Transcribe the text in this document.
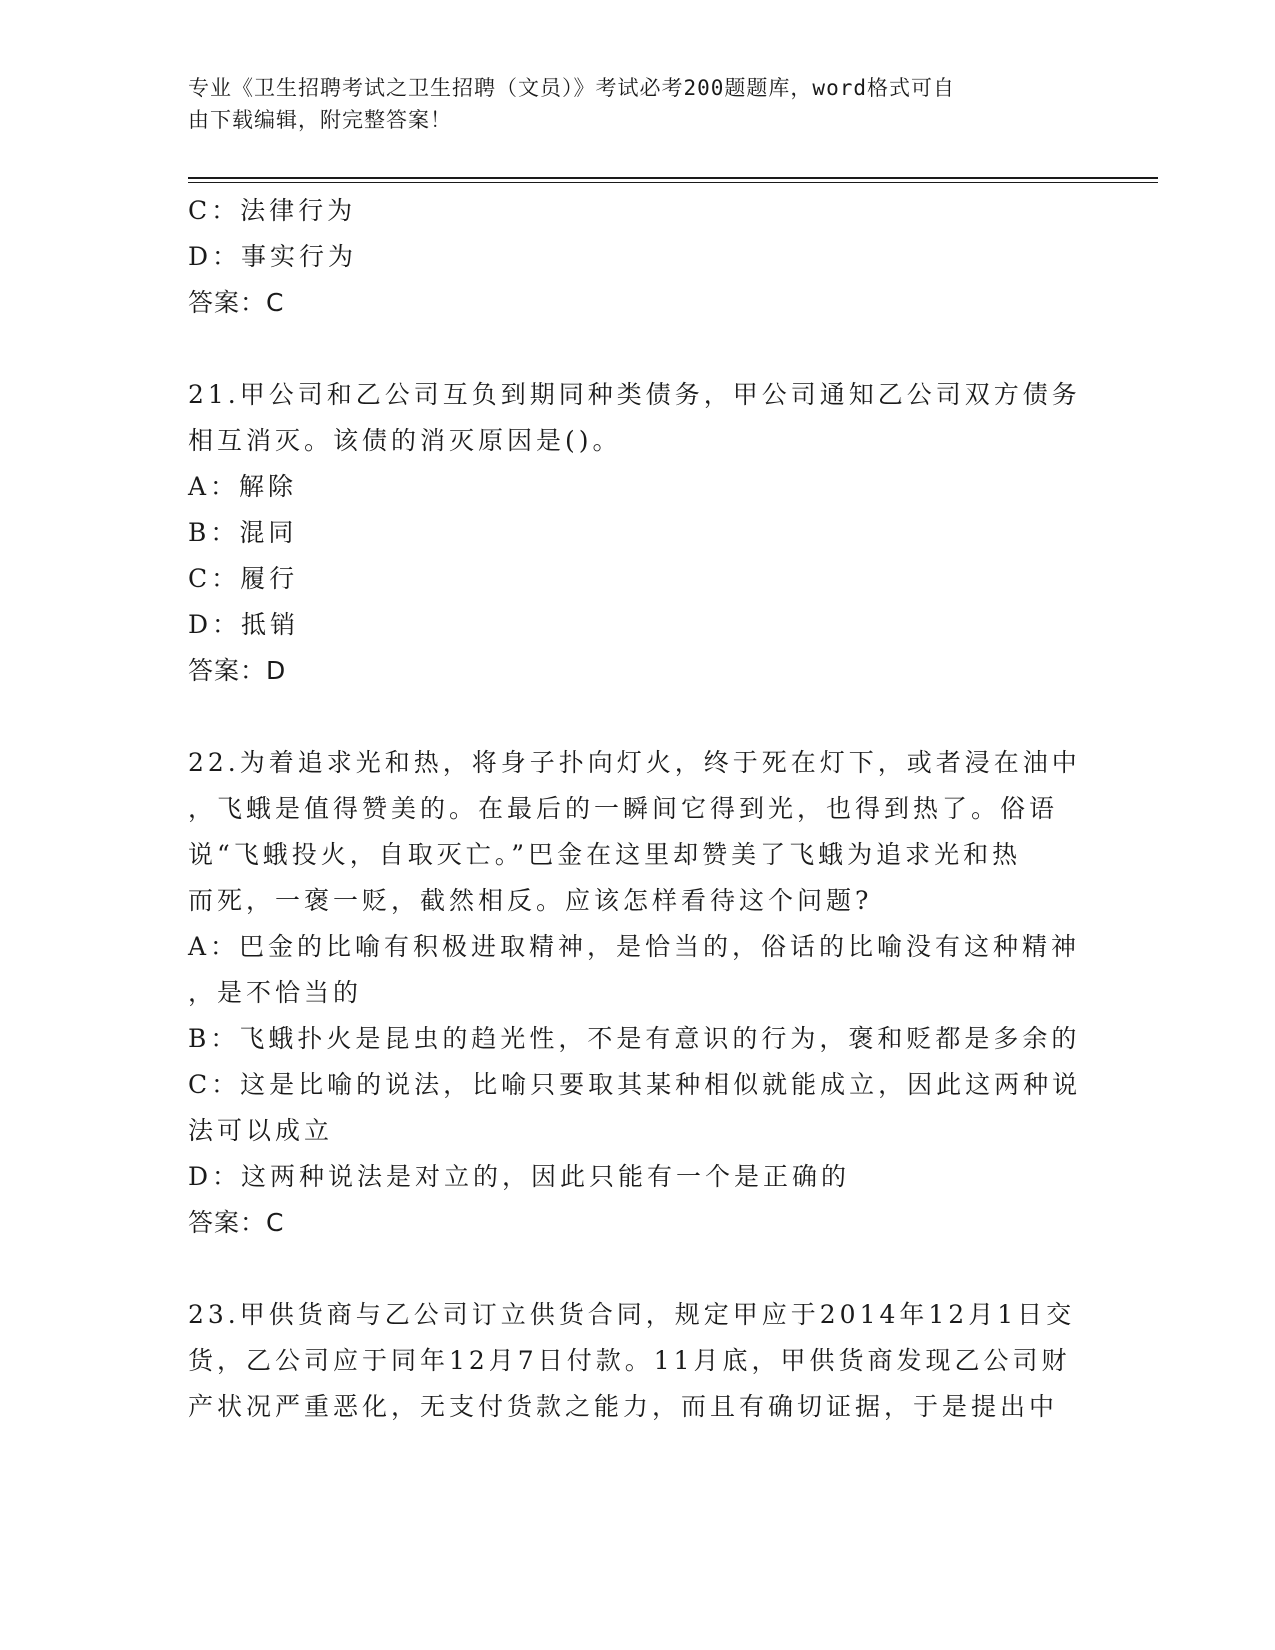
专业《卫生招聘考试之卫生招聘（文员）》考试必考200题题库，word格式可自
由下载编辑，附完整答案！
C：法律行为
D：事实行为
答案：C
21.甲公司和乙公司互负到期同种类债务，甲公司通知乙公司双方债务
相互消灭。该债的消灭原因是()。
A：解除
B：混同
C：履行
D：抵销
答案：D
22.为着追求光和热，将身子扑向灯火，终于死在灯下，或者浸在油中
，飞蛾是值得赞美的。在最后的一瞬间它得到光，也得到热了。俗语
说“飞蛾投火，自取灭亡。”巴金在这里却赞美了飞蛾为追求光和热
而死，一褒一贬，截然相反。应该怎样看待这个问题?
A：巴金的比喻有积极进取精神，是恰当的，俗话的比喻没有这种精神
，是不恰当的
B：飞蛾扑火是昆虫的趋光性，不是有意识的行为，褒和贬都是多余的
C：这是比喻的说法，比喻只要取其某种相似就能成立，因此这两种说
法可以成立
D：这两种说法是对立的，因此只能有一个是正确的
答案：C
23.甲供货商与乙公司订立供货合同，规定甲应于2014年12月1日交
货，乙公司应于同年12月7日付款。11月底，甲供货商发现乙公司财
产状况严重恶化，无支付货款之能力，而且有确切证据，于是提出中
